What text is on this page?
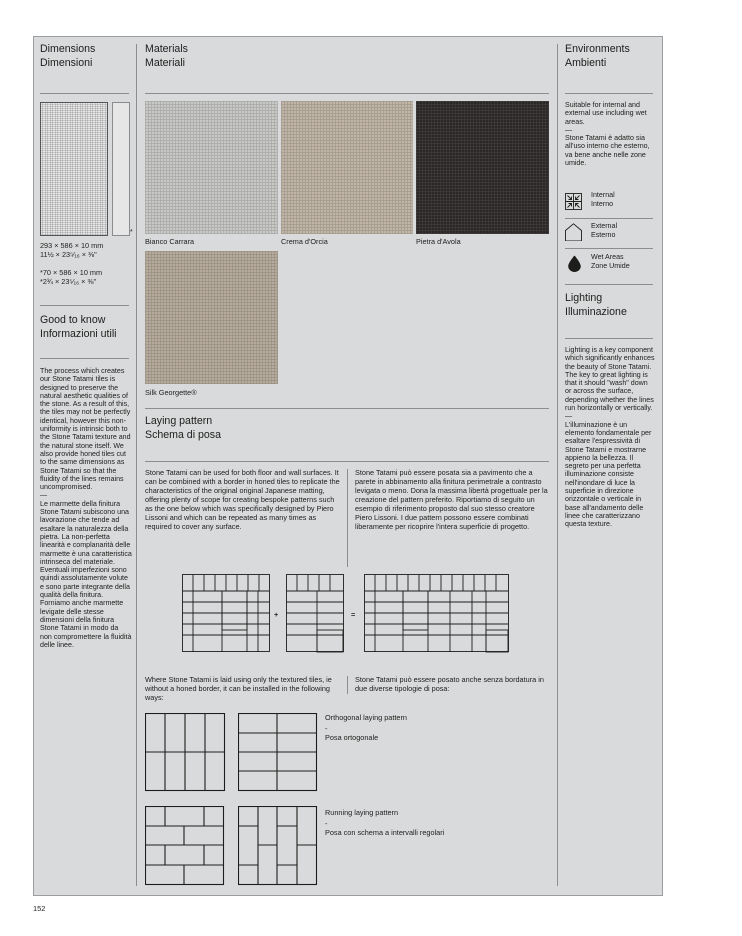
Dimensions

Dimensioni

*
293 × 586 × 10 mm
11½ × 23⁵⁄₁₆ × ⅜"
*70 × 586 × 10 mm
*2¾ × 23⁵⁄₁₆ × ⅜"

Good to know

Informazioni utili

The process which creates our Stone Tatami tiles is designed to preserve the natural aesthetic qualities of the stone. As a result of this, the tiles may not be perfectly identical, however this non-uniformity is intrinsic both to the Stone Tatami texture and the natural stone itself. We also provide honed tiles cut to the same dimensions as Stone Tatami so that the fluidity of the lines remains uncompromised.

—

Le marmette della finitura Stone Tatami subiscono una lavorazione che tende ad esaltare la naturalezza della pietra. La non-perfetta linearità e complanarità delle marmette è una caratteristica intrinseca del materiale. Eventuali imperfezioni sono quindi assolutamente volute e sono parte integrante della qualità della finitura. Forniamo anche marmette levigate delle stesse dimensioni della finitura Stone Tatami in modo da non compromettere la fluidità delle linee.

Materials

Materiali

Bianco Carrara	Crema d'Orcia	Pietra d'Avola
Silk Georgette®

Laying pattern

Schema di posa

Stone Tatami can be used for both floor and wall surfaces. It can be combined with a border in honed tiles to replicate the characteristics of the original original Japanese matting, offering plenty of scope for creating bespoke patterns such as the one below which was specifically designed by Piero Lissoni and which can be repeated as many times as required to cover any surface.

Stone Tatami può essere posata sia a pavimento che a parete in abbinamento alla finitura perimetrale a contrasto levigata o meno. Dona la massima libertà progettuale per la creazione del pattern preferito. Riportiamo di seguito un esempio di riferimento proposto dal suo stesso creatore Piero Lissoni. I due pattern possono essere combinati liberamente per ricoprire l'intera superficie di progetto.

+	=

Where Stone Tatami is laid using only the textured tiles, ie without a honed border, it can be installed in the following ways:

Stone Tatami può essere posato anche senza bordatura in due diverse tipologie di posa:

Orthogonal laying pattern
-
Posa ortogonale
Running laying pattern
-
Posa con schema a intervalli regolari

Environments

Ambienti

Suitable for internal and external use including wet areas.

—

Stone Tatami è adatto sia all'uso interno che esterno, va bene anche nelle zone umide.

Internal
Interno
External
Esterno
Wet Areas
Zone Umide

Lighting

Illuminazione

Lighting is a key component which significantly enhances the beauty of Stone Tatami. The key to great lighting is that it should "wash" down or across the surface, depending whether the lines run horizontally or vertically.

—

L'illuminazione è un elemento fondamentale per esaltare l'espressività di Stone Tatami e mostrarne appieno la bellezza. Il segreto per una perfetta illuminazione consiste nell'inondare di luce la superficie in direzione orizzontale o verticale in base all'andamento delle linee che caratterizzano questa texture.

152
